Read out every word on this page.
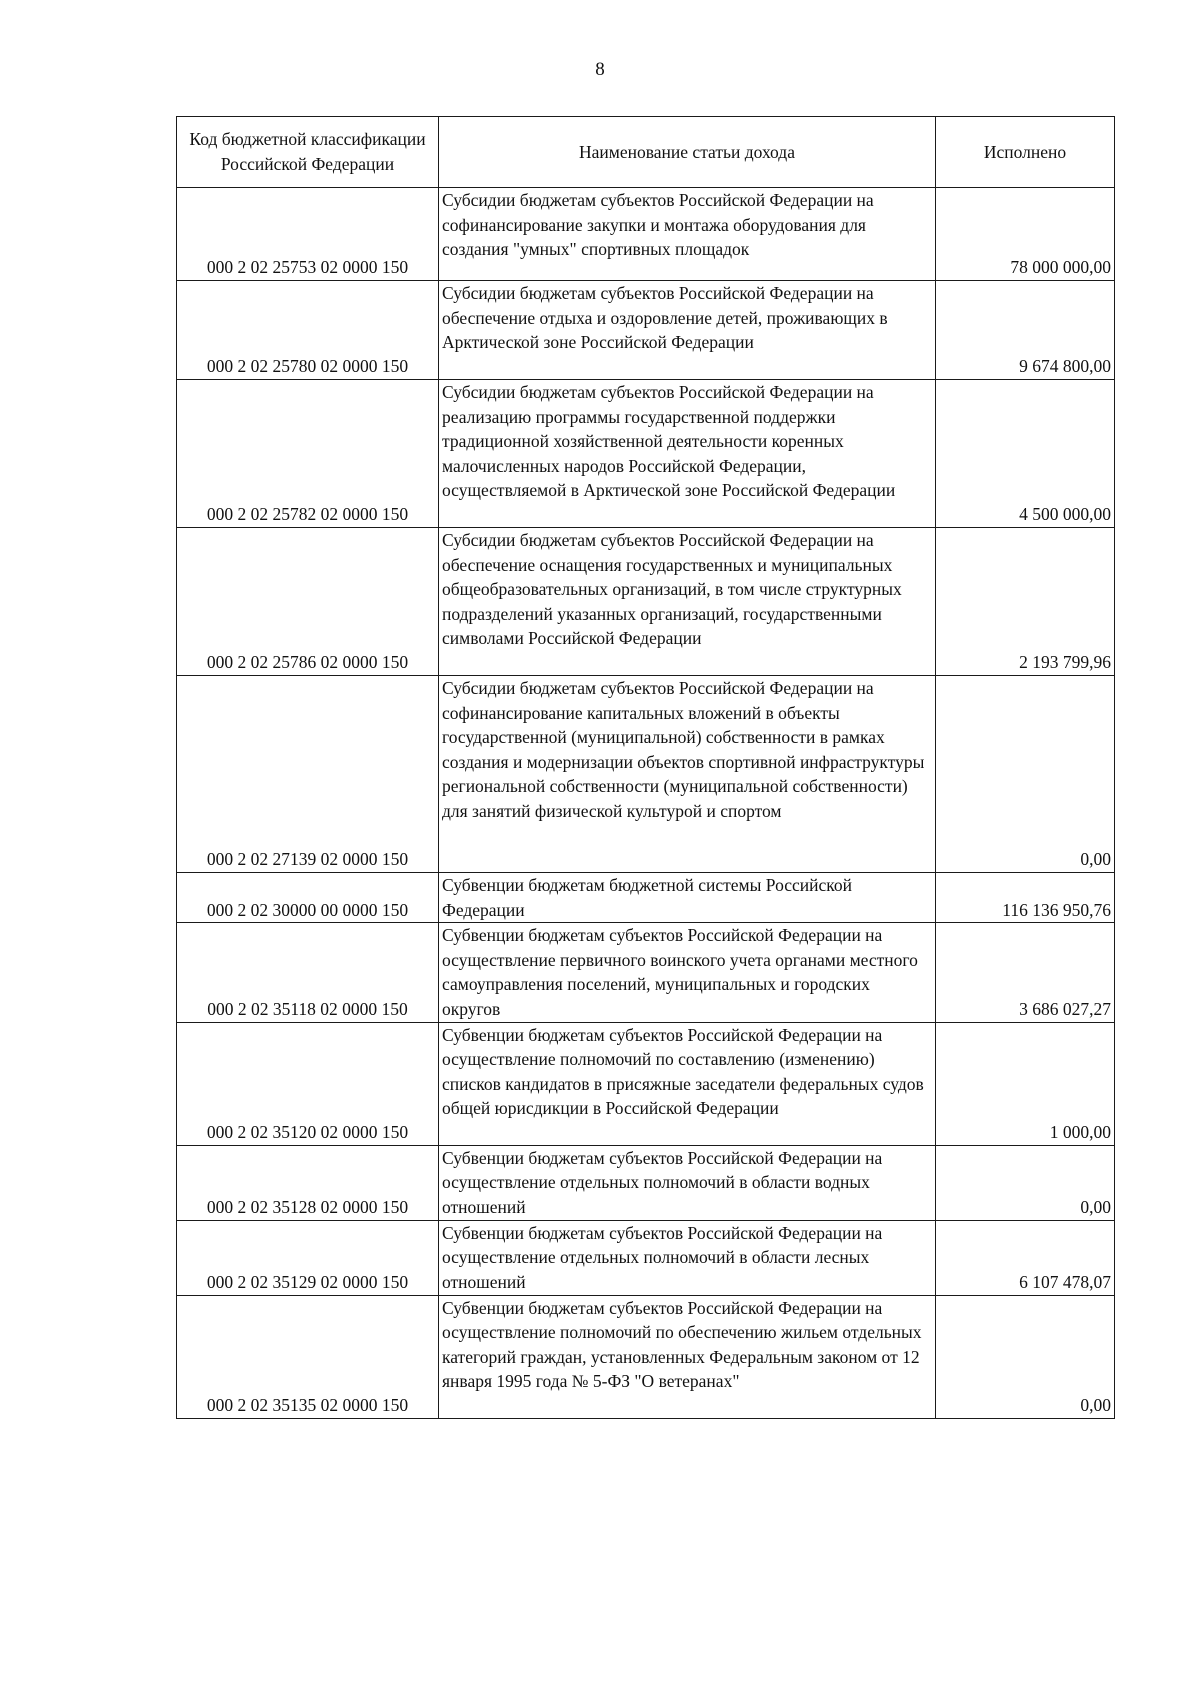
8
Код бюджетной классификации Российской Федерации	Наименование статьи дохода	Исполнено
000 2 02 25753 02 0000 150	Субсидии бюджетам субъектов Российской Федерации на софинансирование закупки и монтажа оборудования для создания "умных" спортивных площадок	78 000 000,00
000 2 02 25780 02 0000 150	Субсидии бюджетам субъектов Российской Федерации на обеспечение отдыха и оздоровление детей, проживающих в Арктической зоне Российской Федерации	9 674 800,00
000 2 02 25782 02 0000 150	Субсидии бюджетам субъектов Российской Федерации на реализацию программы государственной поддержки традиционной хозяйственной деятельности коренных малочисленных народов Российской Федерации, осуществляемой в Арктической зоне Российской Федерации	4 500 000,00
000 2 02 25786 02 0000 150	Субсидии бюджетам субъектов Российской Федерации на обеспечение оснащения государственных и муниципальных общеобразовательных организаций, в том числе структурных подразделений указанных организаций, государственными символами Российской Федерации	2 193 799,96
000 2 02 27139 02 0000 150	Субсидии бюджетам субъектов Российской Федерации на софинансирование капитальных вложений в объекты государственной (муниципальной) собственности в рамках создания и модернизации объектов спортивной инфраструктуры региональной собственности (муниципальной собственности) для занятий физической культурой и спортом	0,00
000 2 02 30000 00 0000 150	Субвенции бюджетам бюджетной системы Российской Федерации	116 136 950,76
000 2 02 35118 02 0000 150	Субвенции бюджетам субъектов Российской Федерации на осуществление первичного воинского учета органами местного самоуправления поселений, муниципальных и городских округов	3 686 027,27
000 2 02 35120 02 0000 150	Субвенции бюджетам субъектов Российской Федерации на осуществление полномочий по составлению (изменению) списков кандидатов в присяжные заседатели федеральных судов общей юрисдикции в Российской Федерации	1 000,00
000 2 02 35128 02 0000 150	Субвенции бюджетам субъектов Российской Федерации на осуществление отдельных полномочий в области водных отношений	0,00
000 2 02 35129 02 0000 150	Субвенции бюджетам субъектов Российской Федерации на осуществление отдельных полномочий в области лесных отношений	6 107 478,07
000 2 02 35135 02 0000 150	Субвенции бюджетам субъектов Российской Федерации на осуществление полномочий по обеспечению жильем отдельных категорий граждан, установленных Федеральным законом от 12 января 1995 года № 5-ФЗ "О ветеранах"	0,00
